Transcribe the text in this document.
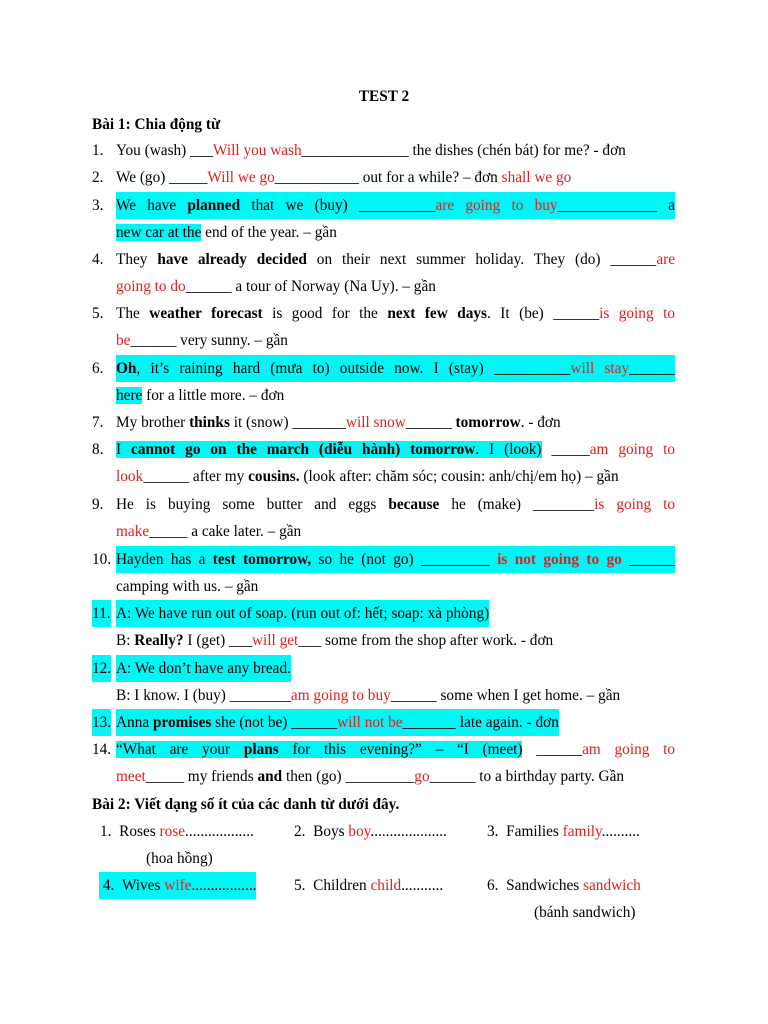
TEST 2
Bài 1: Chia động từ
1. You (wash) ___Will you wash______________ the dishes (chén bát) for me? - đơn
2. We (go) _____Will we go___________ out for a while? – đơn shall we go
3. We have planned that we (buy) __________are going to buy_____________ a
new car at the end of the year. – gần
4. They have already decided on their next summer holiday. They (do) ______are
going to do______ a tour of Norway (Na Uy). – gần
5. The weather forecast is good for the next few days. It (be) ______is going to
be______ very sunny. – gần
6. Oh, it’s raining hard (mưa to) outside now. I (stay) __________will stay______
here for a little more. – đơn
7. My brother thinks it (snow) _______will snow______ tomorrow. - đơn
8. I cannot go on the march (diễu hành) tomorrow. I (look) _____am going to
look______ after my cousins. (look after: chăm sóc; cousin: anh/chị/em họ) – gần
9. He is buying some butter and eggs because he (make) ________is going to
make_____ a cake later. – gần
10. Hayden has a test tomorrow, so he (not go) _________ is not going to go ______
camping with us. – gần
11. A: We have run out of soap. (run out of: hết; soap: xà phòng)
B: Really? I (get) ___will get___ some from the shop after work. - đơn
12. A: We don’t have any bread.
B: I know. I (buy) ________am going to buy______ some when I get home. – gần
13. Anna promises she (not be) ______will not be_______ late again. - đơn
14. “What are your plans for this evening?” – “I (meet) ______am going to
meet_____ my friends and then (go) _________go______ to a birthday party. Gần
Bài 2: Viết dạng số ít của các danh từ dưới đây.
1. Roses rose..................
(hoa hồng)
2. Boys boy....................	3. Families family..........
4. Wives wife................. 5. Children child...........	6. Sandwiches sandwich
(bánh sandwich)
